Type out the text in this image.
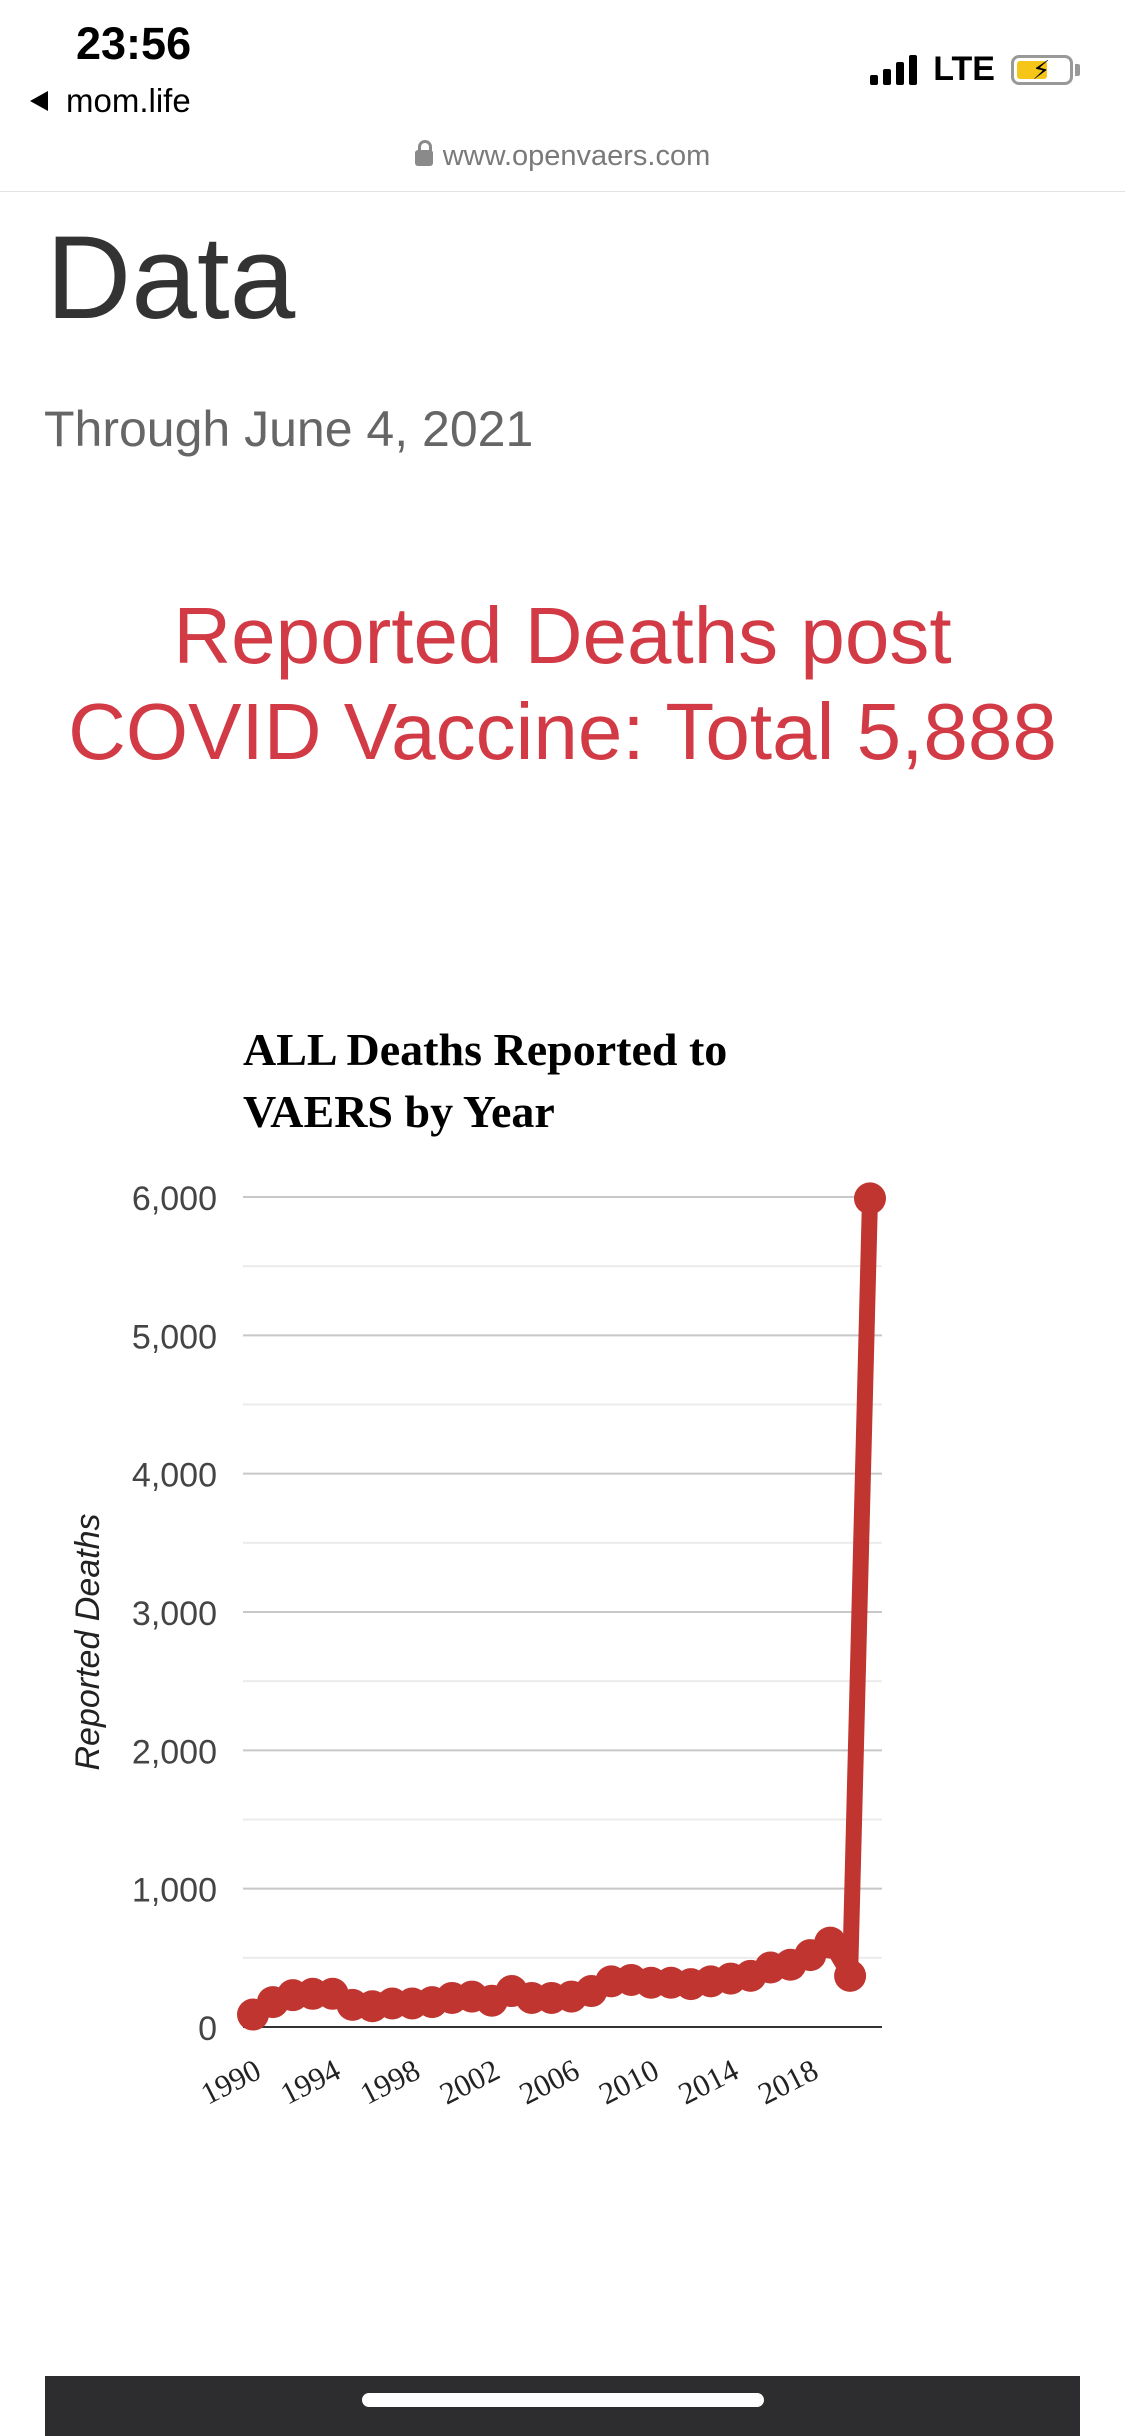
23:56
mom.life
LTE ⚡
www.openvaers.com
Data
Through June 4, 2021
Reported Deaths post COVID Vaccine: Total 5,888
ALL Deaths Reported to
VAERS by Year
0
1,000
2,000
3,000
4,000
5,000
6,000
Reported Deaths
1990 1994 1998 2002 2006 2010 2014 2018
